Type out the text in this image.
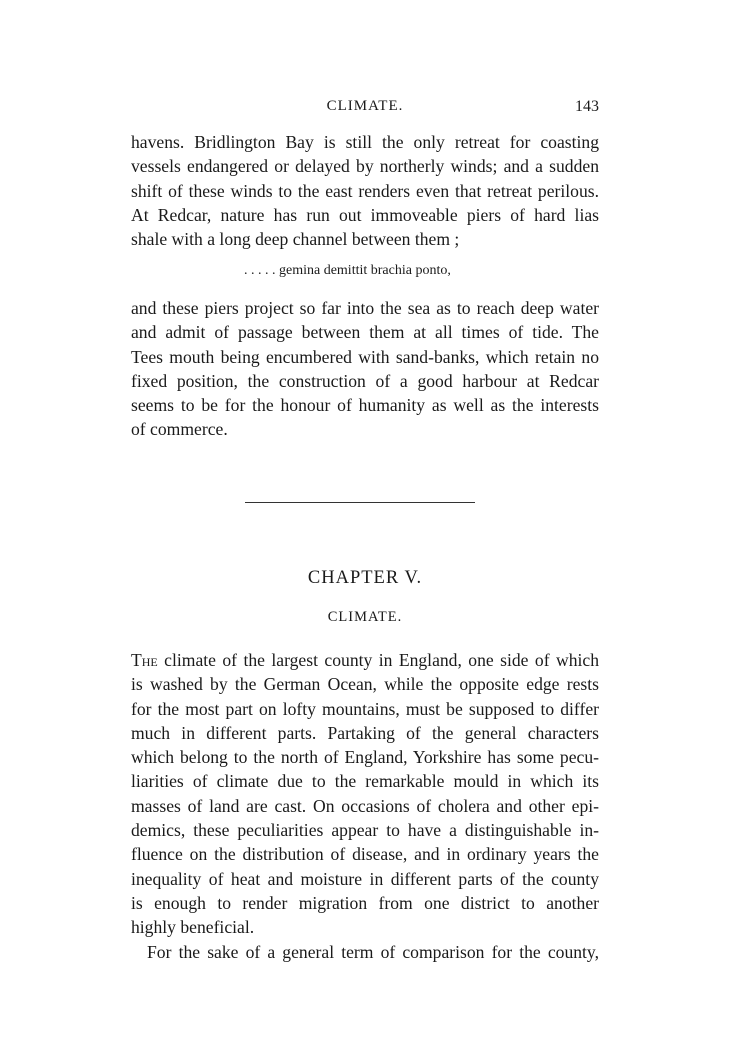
CLIMATE.	143
havens. Bridlington Bay is still the only retreat for coasting
vessels endangered or delayed by northerly winds; and a sudden
shift of these winds to the east renders even that retreat perilous.
At Redcar, nature has run out immoveable piers of hard lias
shale with a long deep channel between them ;
. . . . . gemina demittit brachia ponto,
and these piers project so far into the sea as to reach deep water
and admit of passage between them at all times of tide. The
Tees mouth being encumbered with sand-banks, which retain no
fixed position, the construction of a good harbour at Redcar
seems to be for the honour of humanity as well as the interests
of commerce.
CHAPTER V.
CLIMATE.
The climate of the largest county in England, one side of which
is washed by the German Ocean, while the opposite edge rests
for the most part on lofty mountains, must be supposed to differ
much in different parts. Partaking of the general characters
which belong to the north of England, Yorkshire has some pecu-
liarities of climate due to the remarkable mould in which its
masses of land are cast. On occasions of cholera and other epi-
demics, these peculiarities appear to have a distinguishable in-
fluence on the distribution of disease, and in ordinary years the
inequality of heat and moisture in different parts of the county
is enough to render migration from one district to another
highly beneficial.
For the sake of a general term of comparison for the county,
